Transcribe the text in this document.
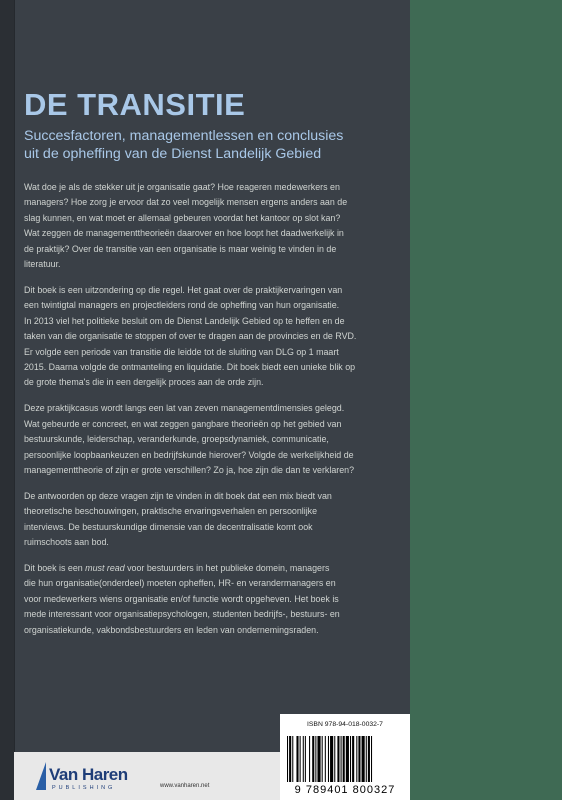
DE TRANSITIE

Succesfactoren, managementlessen en conclusies
uit de opheffing van de Dienst Landelijk Gebied

Wat doe je als de stekker uit je organisatie gaat? Hoe reageren medewerkers en
managers? Hoe zorg je ervoor dat zo veel mogelijk mensen ergens anders aan de
slag kunnen, en wat moet er allemaal gebeuren voordat het kantoor op slot kan?
Wat zeggen de managementtheorieën daarover en hoe loopt het daadwerkelijk in
de praktijk? Over de transitie van een organisatie is maar weinig te vinden in de
literatuur.

Dit boek is een uitzondering op die regel. Het gaat over de praktijkervaringen van
een twintigtal managers en projectleiders rond de opheffing van hun organisatie.
In 2013 viel het politieke besluit om de Dienst Landelijk Gebied op te heffen en de
taken van die organisatie te stoppen of over te dragen aan de provincies en de RVD.
Er volgde een periode van transitie die leidde tot de sluiting van DLG op 1 maart
2015. Daarna volgde de ontmanteling en liquidatie. Dit boek biedt een unieke blik op
de grote thema's die in een dergelijk proces aan de orde zijn.

Deze praktijkcasus wordt langs een lat van zeven managementdimensies gelegd.
Wat gebeurde er concreet, en wat zeggen gangbare theorieën op het gebied van
bestuurskunde, leiderschap, veranderkunde, groepsdynamiek, communicatie,
persoonlijke loopbaankeuzen en bedrijfskunde hierover? Volgde de werkelijkheid de
managementtheorie of zijn er grote verschillen? Zo ja, hoe zijn die dan te verklaren?

De antwoorden op deze vragen zijn te vinden in dit boek dat een mix biedt van
theoretische beschouwingen, praktische ervaringsverhalen en persoonlijke
interviews. De bestuurskundige dimensie van de decentralisatie komt ook
ruimschoots aan bod.

Dit boek is een must read voor bestuurders in het publieke domein, managers
die hun organisatie(onderdeel) moeten opheffen, HR- en verandermanagers en
voor medewerkers wiens organisatie en/of functie wordt opgeheven. Het boek is
mede interessant voor organisatiepsychologen, studenten bedrijfs-, bestuurs- en
organisatiekunde, vakbondsbestuurders en leden van ondernemingsraden.

Van Haren
PUBLISHING	www.vanharen.net
ISBN 978-94-018-0032-7
9 789401 800327
